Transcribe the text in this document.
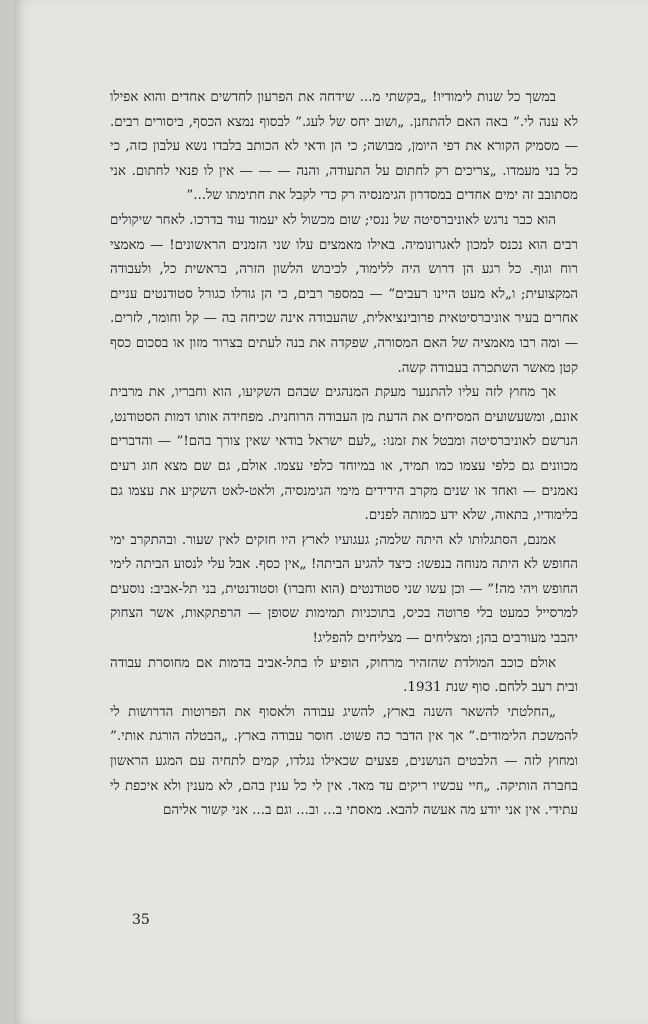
במשך כל שנות לימודיו! „בקשתי מ... שידחה את הפרעון לחדשים אחדים והוא אפילו לא ענה לי.” באה האם להתחנן. „ושוב יחס של לעג.” לבסוף נמצא הכסף, ביסורים רבים. — מסמיק הקורא את דפי היומן, מבושה; כי הן ודאי לא הכותב בלבדו נשא עלבון כזה, כי כל בני מעמדו. „צריכים רק לחתום על התעודה, והנה — — — אין לו פנאי לחתום. אני מסתובב זה ימים אחדים במסדרון הגימנסיה רק כדי לקבל את חתימתו של...”

הוא כבר נרגש לאוניברסיטה של ננסי; שום מכשול לא יעמוד עוד בדרכו. לאחר שיקולים רבים הוא נכנס למכון לאגרונומיה. באילו מאמצים עלו שני הזמנים הראשונים! — מאמצי רוח וגוף. כל רגע הן דרוש היה ללימוד, לכיבוש הלשון הזרה, בראשית כל, ולעבודה המקצועית; ו„לא מעט היינו רעבים” — במספר רבים, כי הן גורלו כגורל סטודנטים עניים אחרים בעיר אוניברסיטאית פרובינציאלית, שהעבודה אינה שכיחה בה — קל וחומר, לזרים. — ומה רבו מאמציה של האם המסורה, שפקדה את בנה לעתים בצרור מזון או בסכום כסף קטן מאשר השתכרה בעבודה קשה.

אך מחוץ לזה עליו להתנער מעקת המנהגים שבהם השקיעו, הוא וחבריו, את מרבית אונם, ומשעשועים המסיחים את הדעת מן העבודה הרוחנית. מפחידה אותו דמות הסטודנט, הנרשם לאוניברסיטה ומבטל את זמנו: „לעם ישראל בודאי שאין צורך בהם!” — והדברים מכוונים גם כלפי עצמו כמו תמיד, או במיוחד כלפי עצמו. אולם, גם שם מצא חוג רעים נאמנים — ואחד או שנים מקרב הידידים מימי הגימנסיה, ולאט-לאט השקיע את עצמו גם בלימודיו, בתאוה, שלא ידע כמותה לפנים.

אמנם, הסתגלותו לא היתה שלמה; געגועיו לארץ היו חזקים לאין שעור. ובהתקרב ימי החופש לא היתה מנוחה בנפשו: כיצד להגיע הביתה! „אין כסף. אבל עלי לנסוע הביתה לימי החופש ויהי מה!” — וכן עשו שני סטודנטים (הוא וחברו) וסטודנטית, בני תל-אביב: נוסעים למרסייל כמעט בלי פרוטה בכיס, בתוכניות תמימות שסופן — הרפתקאות, אשר הצחוק יהבבי מעורבים בהן; ומצליחים — מצליחים להפליג!

אולם כוכב המולדת שהזהיר מרחוק, הופיע לו בתל-אביב בדמות אם מחוסרת עבודה ובית רעב ללחם. סוף שנת 1931.

„החלטתי להשאר השנה בארץ, להשיג עבודה ולאסוף את הפרוטות הדרושות לי להמשכת הלימודים.” אך אין הדבר כה פשוט. חוסר עבודה בארץ. „הבטלה הורגת אותי.” ומחוץ לזה — הלבטים הנושנים, פצעים שכאילו נגלדו, קמים לתחיה עם המגע הראשון בחברה הותיקה. „חיי עכשיו ריקים עד מאד. אין לי כל ענין בהם, לא מענין ולא איכפת לי עתידי. אין אני יודע מה אעשה להבא. מאסתי ב... וב... וגם ב... אני קשור אליהם

35
